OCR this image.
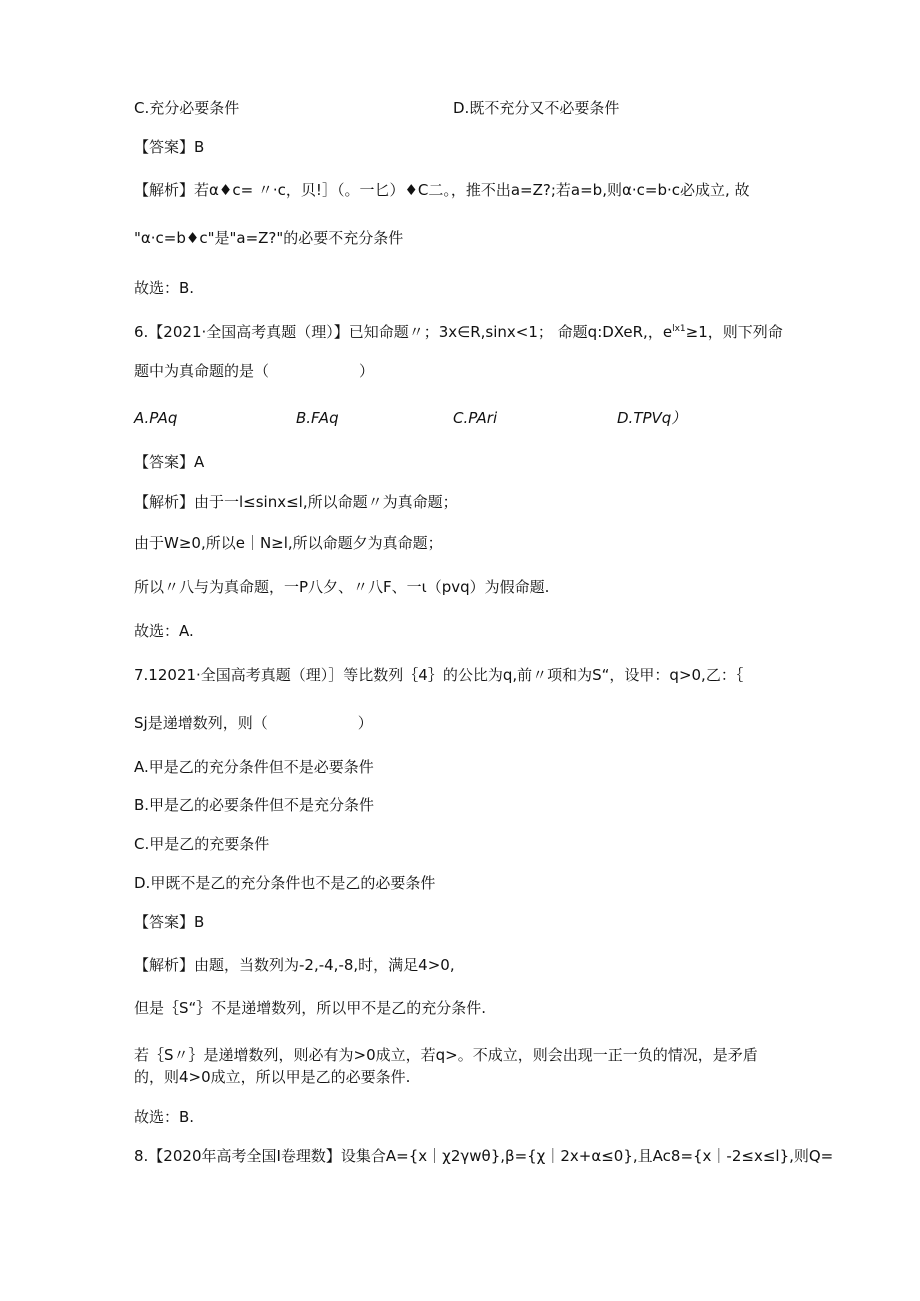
C.充分必要条件	D.既不充分又不必要条件
【答案】B
【解析】若α♦c= 〃·c，贝!］（。一匕）♦C二。，推不出a=Z?;若a=b,则α·c=b·c必成立, 故
"α·c=b♦c"是"a=Z?"的必要不充分条件
故选：B.
6.【2021·全国高考真题（理）】已知命题〃；3x∈R,sinx<1； 命题q:DXeR,，$e^{lx1}\ge 1$，则下列命
题中为真命题的是（　　　　　　）
A.PAq	B.FAq	C.PAri	D.TPVq）
【答案】A
【解析】由于一l≤sinx≤l,所以命题〃为真命题；
由于W≥0,所以e｜N≥l,所以命题夕为真命题；
所以〃八与为真命题，一P八夕、〃八F、一ι（pvq）为假命题.
故选：A.
7.12021·全国高考真题（理）］等比数列｛4｝的公比为q,前〃项和为S“，设甲：q>0,乙：｛
Sj是递增数列，则（　　　　　　）
A.甲是乙的充分条件但不是必要条件
B.甲是乙的必要条件但不是充分条件
C.甲是乙的充要条件
D.甲既不是乙的充分条件也不是乙的必要条件
【答案】B
【解析】由题，当数列为-2,-4,-8,时，满足4>0,
但是｛S“｝不是递增数列，所以甲不是乙的充分条件.
若｛S〃｝是递增数列，则必有为>0成立，若q>。不成立，则会出现一正一负的情况，是矛盾
的，则4>0成立，所以甲是乙的必要条件.
故选：B.
8.【2020年高考全国I卷理数】设集合A={x｜χ2γwθ},β={χ｜2x+α≤0},且Ac8={x｜-2≤x≤l},则Q=
